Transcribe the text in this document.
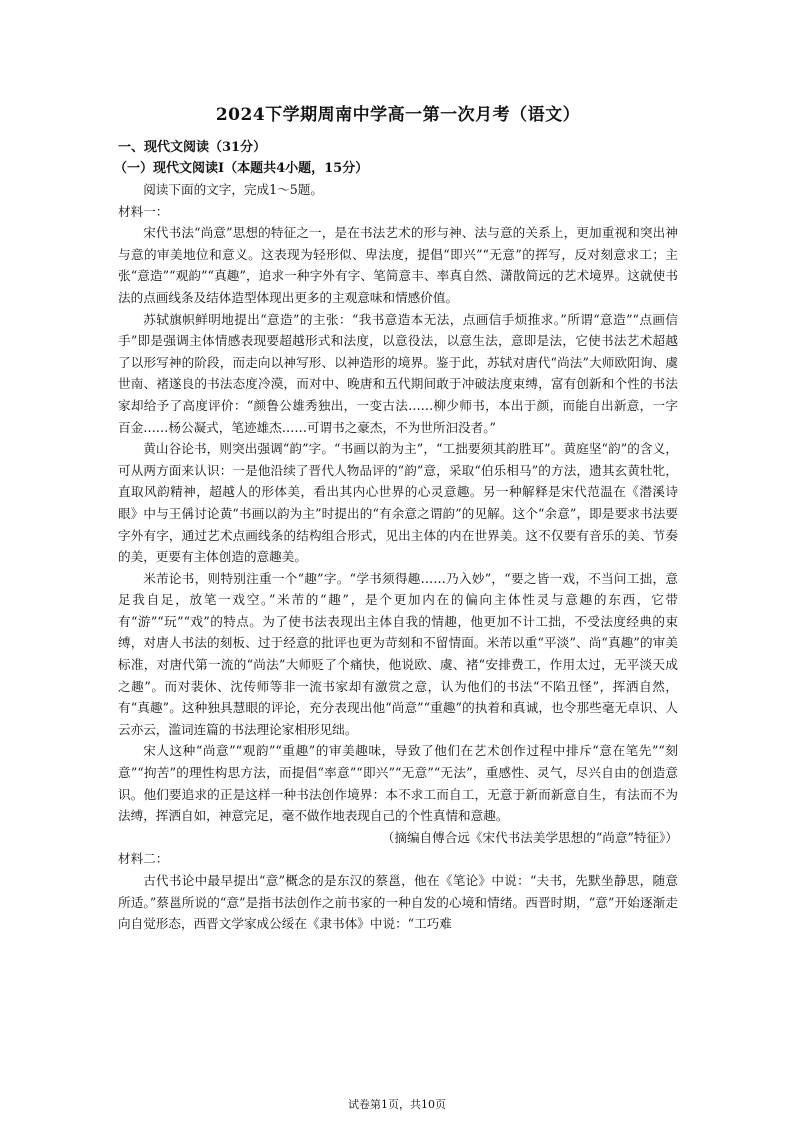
2024下学期周南中学高一第一次月考（语文）

一、现代文阅读（31分）

（一）现代文阅读Ⅰ（本题共4小题，15分）

阅读下面的文字，完成1～5题。

材料一：

宋代书法“尚意”思想的特征之一，是在书法艺术的形与神、法与意的关系上，更加重视和突出神与意的审美地位和意义。这表现为轻形似、卑法度，提倡“即兴”“无意”的挥写，反对刻意求工；主张“意造”“观韵”“真趣”，追求一种字外有字、笔简意丰、率真自然、潇散简远的艺术境界。这就使书法的点画线条及结体造型体现出更多的主观意味和情感价值。

苏轼旗帜鲜明地提出“意造”的主张：“我书意造本无法，点画信手烦推求。”所谓“意造”“点画信手”即是强调主体情感表现要超越形式和法度，以意役法，以意生法，意即是法，它使书法艺术超越了以形写神的阶段，而走向以神写形、以神造形的境界。鉴于此，苏轼对唐代“尚法”大师欧阳询、虞世南、褚遂良的书法态度冷漠，而对中、晚唐和五代期间敢于冲破法度束缚，富有创新和个性的书法家却给予了高度评价：“颜鲁公雄秀独出，一变古法……柳少师书，本出于颜，而能自出新意，一字百金……杨公凝式，笔迹雄杰……可谓书之豪杰，不为世所汩没者。”

黄山谷论书，则突出强调“韵”字。“书画以韵为主”，“工拙要须其韵胜耳”。黄庭坚“韵”的含义，可从两方面来认识：一是他沿续了晋代人物品评的“韵”意，采取“伯乐相马”的方法，遗其玄黄牡牝，直取风韵精神，超越人的形体美，看出其内心世界的心灵意趣。另一种解释是宋代范温在《潜溪诗眼》中与王偁讨论黄“书画以韵为主”时提出的“有余意之谓韵”的见解。这个“余意”，即是要求书法要字外有字，通过艺术点画线条的结构组合形式，见出主体的内在世界美。这不仅要有音乐的美、节奏的美，更要有主体创造的意趣美。

米芾论书，则特别注重一个“趣”字。“学书须得趣……乃入妙”，“要之皆一戏，不当问工拙，意足我自足，放笔一戏空。”米芾的“趣”，是个更加内在的偏向主体性灵与意趣的东西，它带有“游”“玩”“戏”的特点。为了使书法表现出主体自我的情趣，他更加不计工拙，不受法度经典的束缚，对唐人书法的刻板、过于经意的批评也更为苛刻和不留情面。米芾以重“平淡”、尚“真趣”的审美标准，对唐代第一流的“尚法”大师贬了个痛快，他说欧、虞、褚“安排费工，作用太过，无平淡天成之趣”。而对裴休、沈传师等非一流书家却有激赏之意，认为他们的书法“不陷丑怪”，挥洒自然，有“真趣”。这种独具慧眼的评论，充分表现出他“尚意”“重趣”的执着和真诚，也令那些毫无卓识、人云亦云，滥词连篇的书法理论家相形见绌。

宋人这种“尚意”“观韵”“重趣”的审美趣味，导致了他们在艺术创作过程中排斥“意在笔先”“刻意”“拘苦”的理性构思方法，而提倡“率意”“即兴”“无意”“无法”，重感性、灵气，尽兴自由的创造意识。他们要追求的正是这样一种书法创作境界：本不求工而自工，无意于新而新意自生，有法而不为法缚，挥洒自如，神意完足，毫不做作地表现自己的个性真情和意趣。

（摘编自傅合远《宋代书法美学思想的“尚意”特征》）

材料二：

古代书论中最早提出“意”概念的是东汉的蔡邕，他在《笔论》中说：“夫书，先默坐静思，随意所适。”蔡邕所说的“意”是指书法创作之前书家的一种自发的心境和情绪。西晋时期，“意”开始逐渐走向自觉形态，西晋文学家成公绥在《隶书体》中说：“工巧难

试卷第1页，共10页
